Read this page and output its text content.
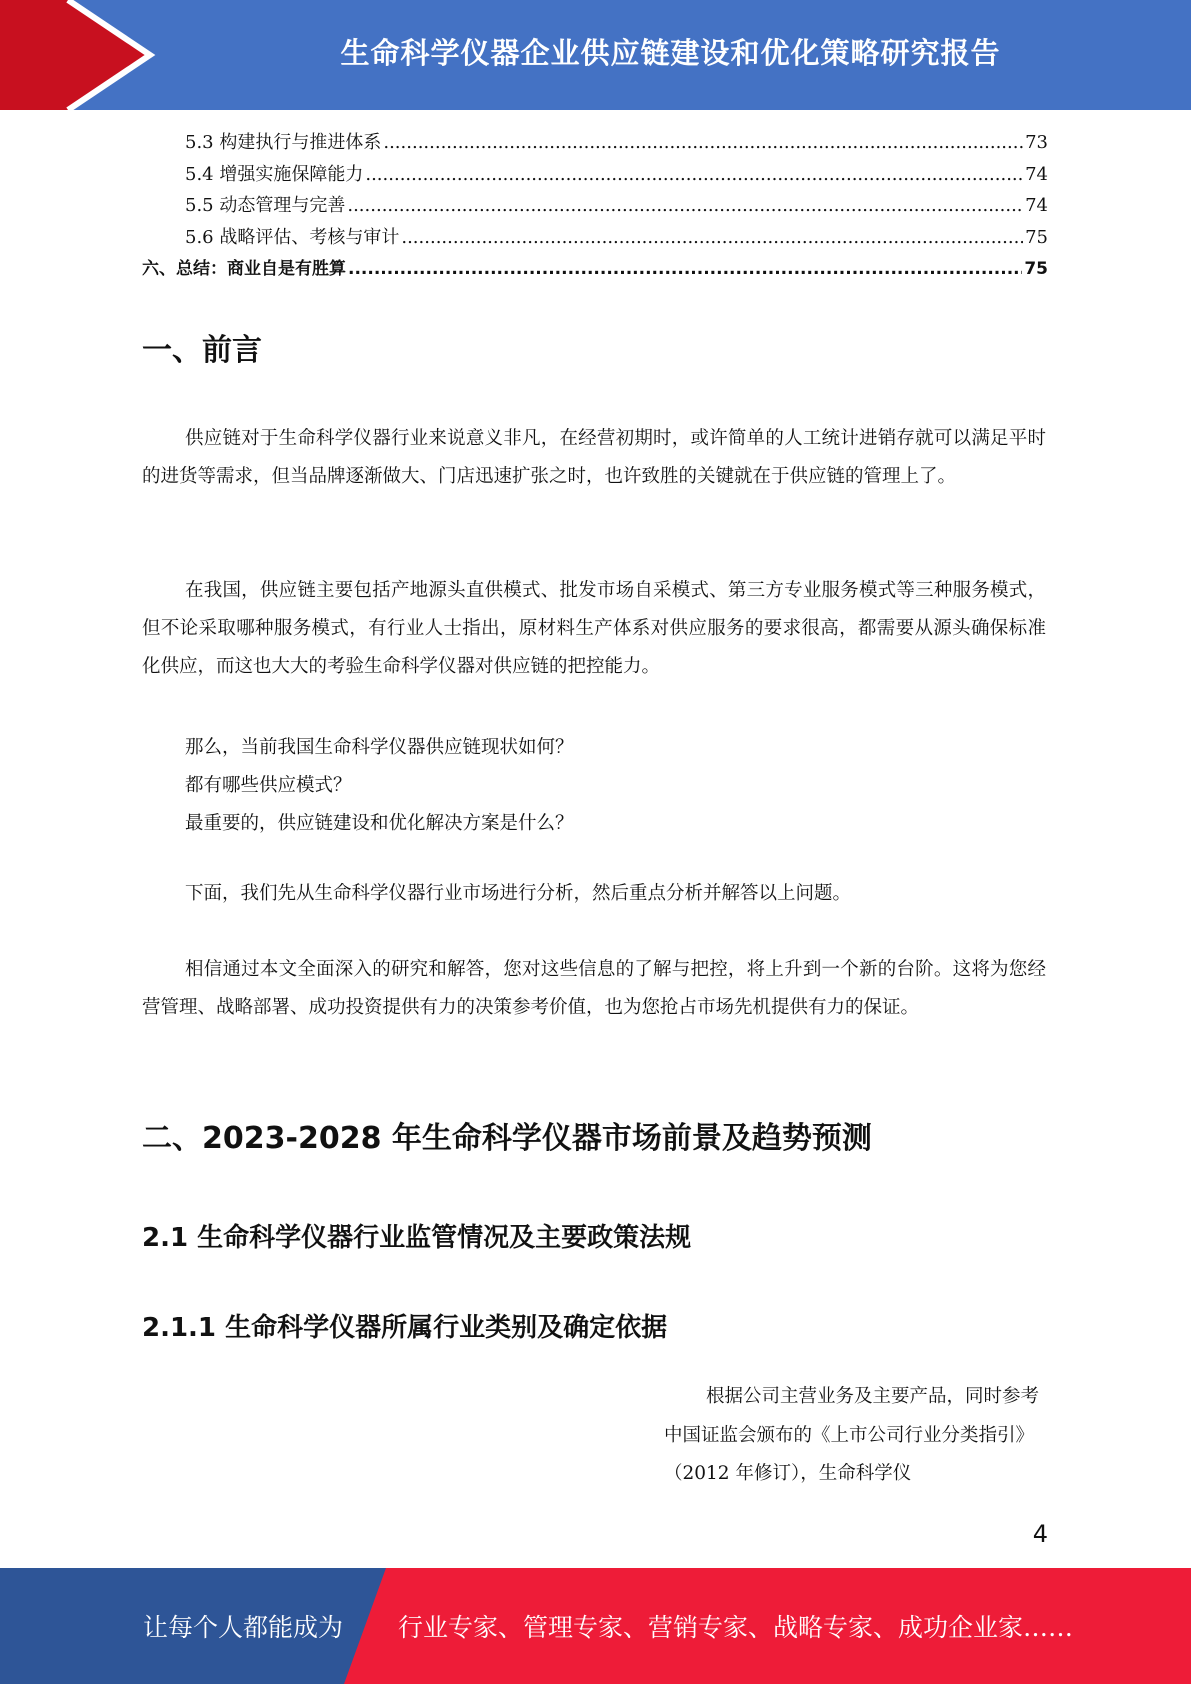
生命科学仪器企业供应链建设和优化策略研究报告
5.3 构建执行与推进体系 .....	73
5.4 增强实施保障能力 .....	74
5.5 动态管理与完善 .....	74
5.6 战略评估、考核与审计 .....	75
六、总结：商业自是有胜算 .....	75
一、前言
供应链对于生命科学仪器行业来说意义非凡，在经营初期时，或许简单的人工统计进销存就可以满足平时的进货等需求，但当品牌逐渐做大、门店迅速扩张之时，也许致胜的关键就在于供应链的管理上了。
在我国，供应链主要包括产地源头直供模式、批发市场自采模式、第三方专业服务模式等三种服务模式，但不论采取哪种服务模式，有行业人士指出，原材料生产体系对供应服务的要求很高，都需要从源头确保标准化供应，而这也大大的考验生命科学仪器对供应链的把控能力。
那么，当前我国生命科学仪器供应链现状如何？
都有哪些供应模式？
最重要的，供应链建设和优化解决方案是什么？
下面，我们先从生命科学仪器行业市场进行分析，然后重点分析并解答以上问题。
相信通过本文全面深入的研究和解答，您对这些信息的了解与把控，将上升到一个新的台阶。这将为您经营管理、战略部署、成功投资提供有力的决策参考价值，也为您抢占市场先机提供有力的保证。
二、2023-2028 年生命科学仪器市场前景及趋势预测
2.1 生命科学仪器行业监管情况及主要政策法规
2.1.1 生命科学仪器所属行业类别及确定依据
根据公司主营业务及主要产品，同时参考中国证监会颁布的《上市公司行业分类指引》（2012 年修订），生命科学仪
4
让每个人都能成为 行业专家、管理专家、营销专家、战略专家、成功企业家……
